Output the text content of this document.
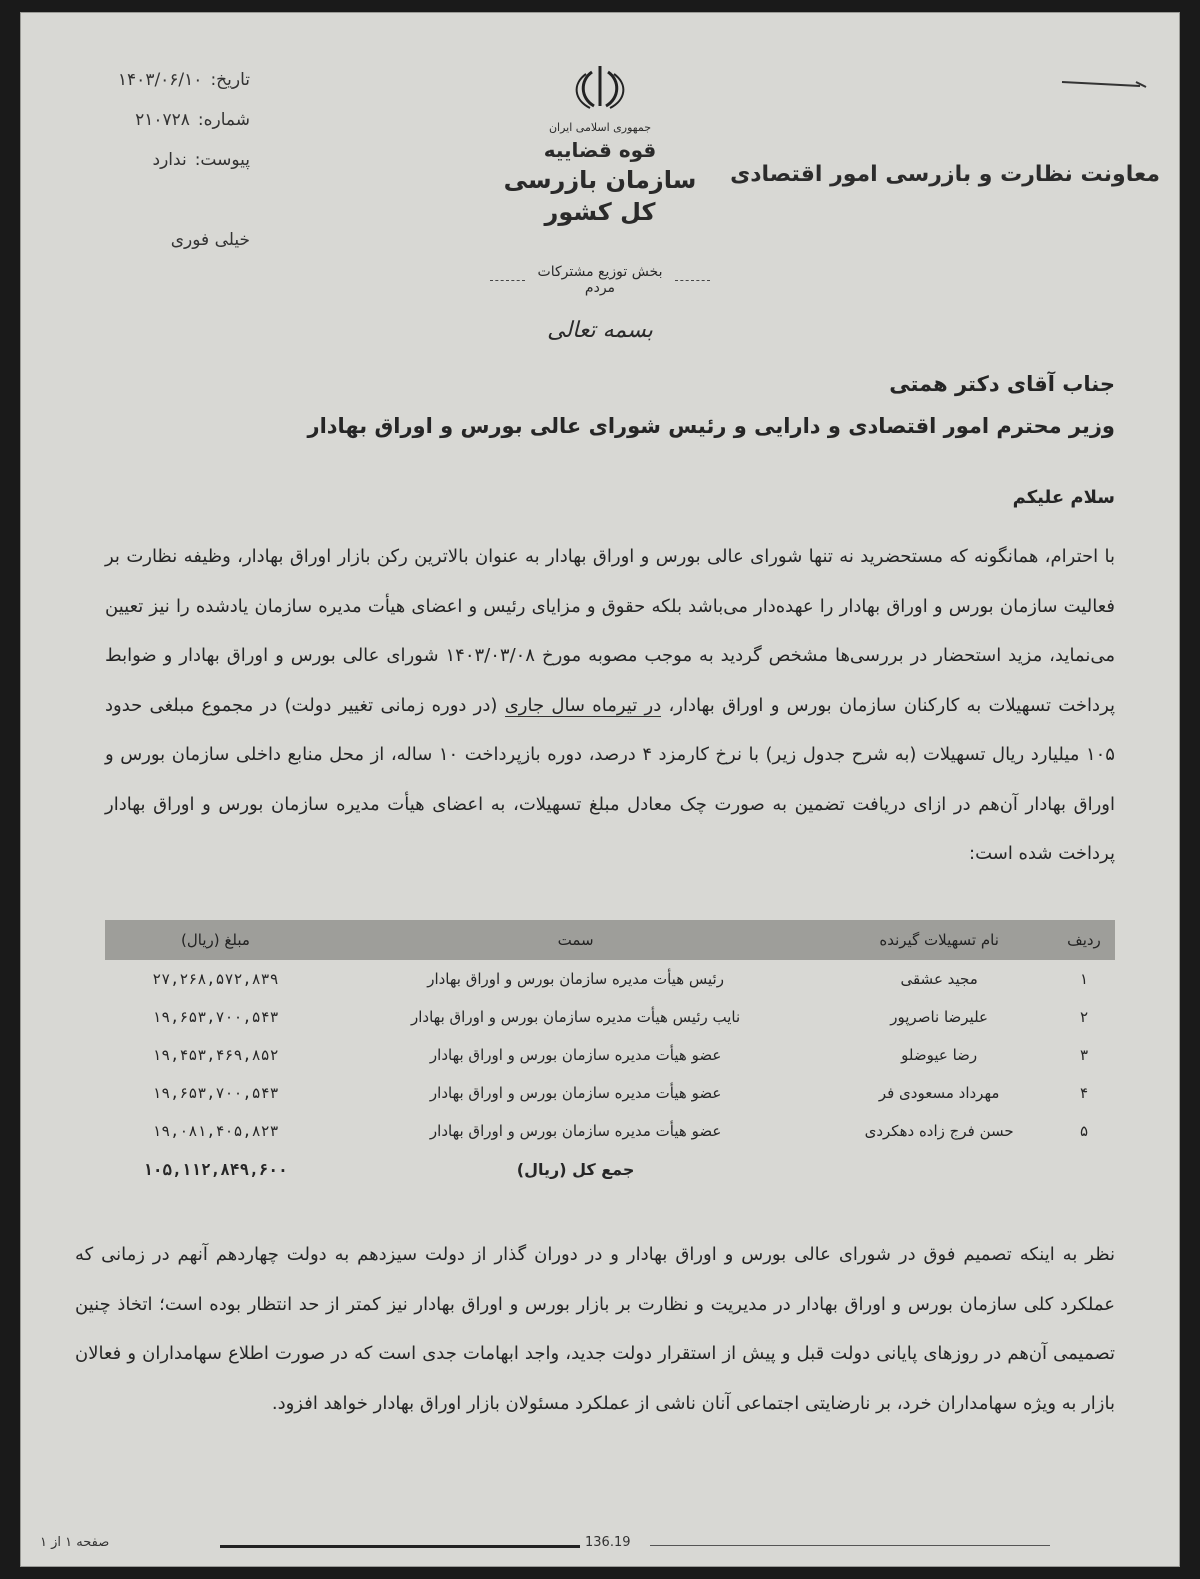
تاریخ:
۱۴۰۳/۰۶/۱۰
شماره:
۲۱۰۷۲۸
پیوست:
ندارد
خیلی فوری
جمهوری اسلامی ایران
قوه قضاییه
سازمان بازرسی کل کشور
بخش توزیع مشترکات مردم
بسمه تعالی
معاونت نظارت و بازرسی امور اقتصادی
جناب آقای دکتر همتی
وزیر محترم امور اقتصادی و دارایی و رئیس شورای عالی بورس و اوراق بهادار
سلام علیکم
با احترام، همانگونه که مستحضرید نه تنها شورای عالی بورس و اوراق بهادار به عنوان بالاترین رکن بازار اوراق بهادار، وظیفه نظارت بر فعالیت سازمان بورس و اوراق بهادار را عهده‌دار می‌باشد بلکه حقوق و مزایای رئیس و اعضای هیأت مدیره سازمان یادشده را نیز تعیین می‌نماید، مزید استحضار در بررسی‌ها مشخص گردید به موجب مصوبه مورخ ۱۴۰۳/۰۳/۰۸ شورای عالی بورس و اوراق بهادار و ضوابط پرداخت تسهیلات به کارکنان سازمان بورس و اوراق بهادار، در تیرماه سال جاری (در دوره زمانی تغییر دولت) در مجموع مبلغی حدود ۱۰۵ میلیارد ریال تسهیلات (به شرح جدول زیر) با نرخ کارمزد ۴ درصد، دوره بازپرداخت ۱۰ ساله، از محل منابع داخلی سازمان بورس و اوراق بهادار آن‌هم در ازای دریافت تضمین به صورت چک معادل مبلغ تسهیلات، به اعضای هیأت مدیره سازمان بورس و اوراق بهادار پرداخت شده است:
ردیف	نام تسهیلات گیرنده	سمت	مبلغ (ریال)
۱	مجید عشقی	رئیس هیأت مدیره سازمان بورس و اوراق بهادار	۲۷,۲۶۸,۵۷۲,۸۳۹
۲	علیرضا ناصرپور	نایب رئیس هیأت مدیره سازمان بورس و اوراق بهادار	۱۹,۶۵۳,۷۰۰,۵۴۳
۳	رضا عیوضلو	عضو هیأت مدیره سازمان بورس و اوراق بهادار	۱۹,۴۵۳,۴۶۹,۸۵۲
۴	مهرداد مسعودی فر	عضو هیأت مدیره سازمان بورس و اوراق بهادار	۱۹,۶۵۳,۷۰۰,۵۴۳
۵	حسن فرج زاده دهکردی	عضو هیأت مدیره سازمان بورس و اوراق بهادار	۱۹,۰۸۱,۴۰۵,۸۲۳
		جمع کل (ریال)	۱۰۵,۱۱۲,۸۴۹,۶۰۰
نظر به اینکه تصمیم فوق در شورای عالی بورس و اوراق بهادار و در دوران گذار از دولت سیزدهم به دولت چهاردهم آنهم در زمانی که عملکرد کلی سازمان بورس و اوراق بهادار در مدیریت و نظارت بر بازار بورس و اوراق بهادار نیز کمتر از حد انتظار بوده است؛ اتخاذ چنین تصمیمی آن‌هم در روزهای پایانی دولت قبل و پیش از استقرار دولت جدید، واجد ابهامات جدی است که در صورت اطلاع سهامداران و فعالان بازار به ویژه سهامداران خرد، بر نارضایتی اجتماعی آنان ناشی از عملکرد مسئولان بازار اوراق بهادار خواهد افزود.
صفحه ۱ از ۱	136.19
